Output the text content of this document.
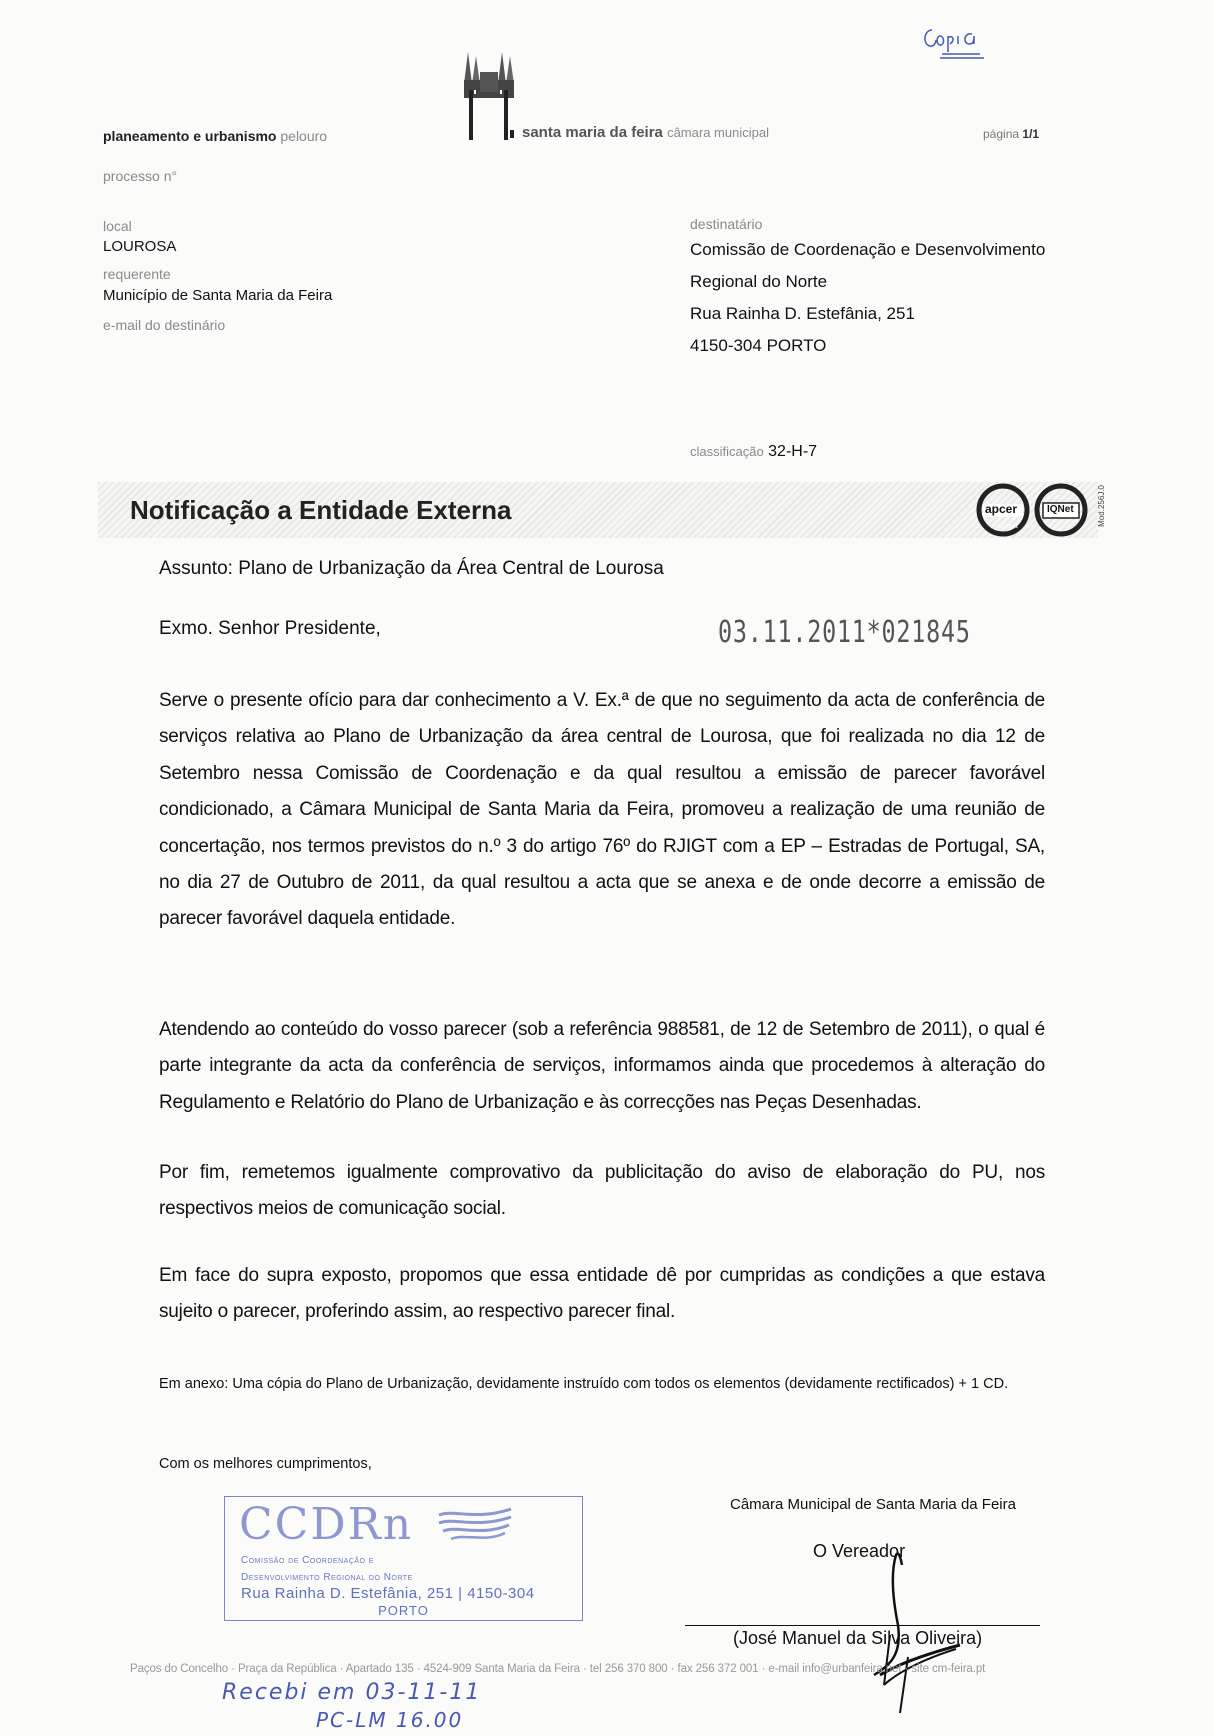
planeamento e urbanismo pelouro	santa maria da feira câmara municipal	página 1/1
processo n°
local
LOUROSA
requerente
Município de Santa Maria da Feira
e-mail do destinário
destinatário
Comissão de Coordenação e Desenvolvimento
Regional do Norte
Rua Rainha D. Estefânia, 251
4150-304 PORTO
classificação 32-H-7
Notificação a Entidade Externa	apcer
ISO 9001
IQNet	Mod.256J.0
Assunto: Plano de Urbanização da Área Central de Lourosa
Exmo. Senhor Presidente,	03.11.2011*021845
Serve o presente ofício para dar conhecimento a V. Ex.ª de que no seguimento da acta de conferência de serviços relativa ao Plano de Urbanização da área central de Lourosa, que foi realizada no dia 12 de Setembro nessa Comissão de Coordenação e da qual resultou a emissão de parecer favorável condicionado, a Câmara Municipal de Santa Maria da Feira, promoveu a realização de uma reunião de concertação, nos termos previstos do n.º 3 do artigo 76º do RJIGT com a EP – Estradas de Portugal, SA, no dia 27 de Outubro de 2011, da qual resultou a acta que se anexa e de onde decorre a emissão de parecer favorável daquela entidade.
Atendendo ao conteúdo do vosso parecer (sob a referência 988581, de 12 de Setembro de 2011), o qual é parte integrante da acta da conferência de serviços, informamos ainda que procedemos à alteração do Regulamento e Relatório do Plano de Urbanização e às correcções nas Peças Desenhadas.
Por fim, remetemos igualmente comprovativo da publicitação do aviso de elaboração do PU, nos respectivos meios de comunicação social.
Em face do supra exposto, propomos que essa entidade dê por cumpridas as condições a que estava sujeito o parecer, proferindo assim, ao respectivo parecer final.
Em anexo: Uma cópia do Plano de Urbanização, devidamente instruído com todos os elementos (devidamente rectificados) + 1 CD.
Com os melhores cumprimentos,
CCDRn
Comissão de Coordenação e
Desenvolvimento Regional do Norte
Rua Rainha D. Estefânia, 251 | 4150-304
PORTO
Câmara Municipal de Santa Maria da Feira
O Vereador
(José Manuel da Silva Oliveira)
Paços do Concelho · Praça da República · Apartado 135 · 4524-909 Santa Maria da Feira · tel 256 370 800 · fax 256 372 001 · e-mail info@urbanfeira.net · site cm-feira.pt
Recebi em 03-11-11
PC-LM 16.00
